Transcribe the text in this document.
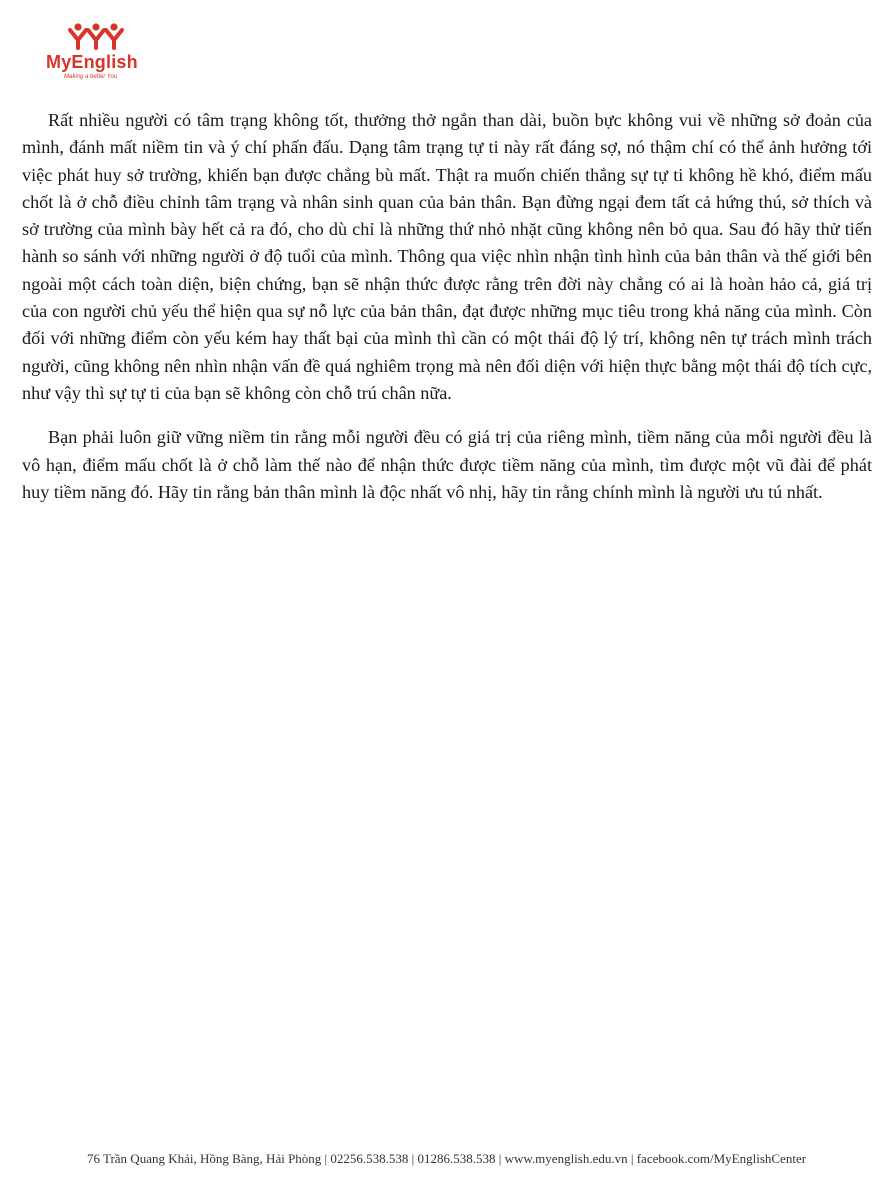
MyEnglish
Making a better You

Rất nhiều người có tâm trạng không tốt, thưởng thở ngắn than dài, buồn bực không vui về những sở đoản của mình, đánh mất niềm tin và ý chí phấn đấu. Dạng tâm trạng tự ti này rất đáng sợ, nó thậm chí có thể ảnh hưởng tới việc phát huy sở trường, khiến bạn được chẳng bù mất. Thật ra muốn chiến thắng sự tự ti không hề khó, điểm mấu chốt là ở chỗ điều chỉnh tâm trạng và nhân sinh quan của bản thân. Bạn đừng ngại đem tất cả hứng thú, sở thích và sở trường của mình bày hết cả ra đó, cho dù chỉ là những thứ nhỏ nhặt cũng không nên bỏ qua. Sau đó hãy thử tiến hành so sánh với những người ở độ tuổi của mình. Thông qua việc nhìn nhận tình hình của bản thân và thế giới bên ngoài một cách toàn diện, biện chứng, bạn sẽ nhận thức được rằng trên đời này chẳng có ai là hoàn hảo cả, giá trị của con người chủ yếu thể hiện qua sự nỗ lực của bản thân, đạt được những mục tiêu trong khả năng của mình. Còn đối với những điểm còn yếu kém hay thất bại của mình thì cần có một thái độ lý trí, không nên tự trách mình trách người, cũng không nên nhìn nhận vấn đề quá nghiêm trọng mà nên đối diện với hiện thực bằng một thái độ tích cực, như vậy thì sự tự ti của bạn sẽ không còn chỗ trú chân nữa.

Bạn phải luôn giữ vững niềm tin rằng mỗi người đều có giá trị của riêng mình, tiềm năng của mỗi người đều là vô hạn, điểm mấu chốt là ở chỗ làm thế nào để nhận thức được tiềm năng của mình, tìm được một vũ đài để phát huy tiềm năng đó. Hãy tin rằng bản thân mình là độc nhất vô nhị, hãy tin rằng chính mình là người ưu tú nhất.

76 Trần Quang Khải, Hồng Bàng, Hải Phòng | 02256.538.538 | 01286.538.538 | www.myenglish.edu.vn | facebook.com/MyEnglishCenter
